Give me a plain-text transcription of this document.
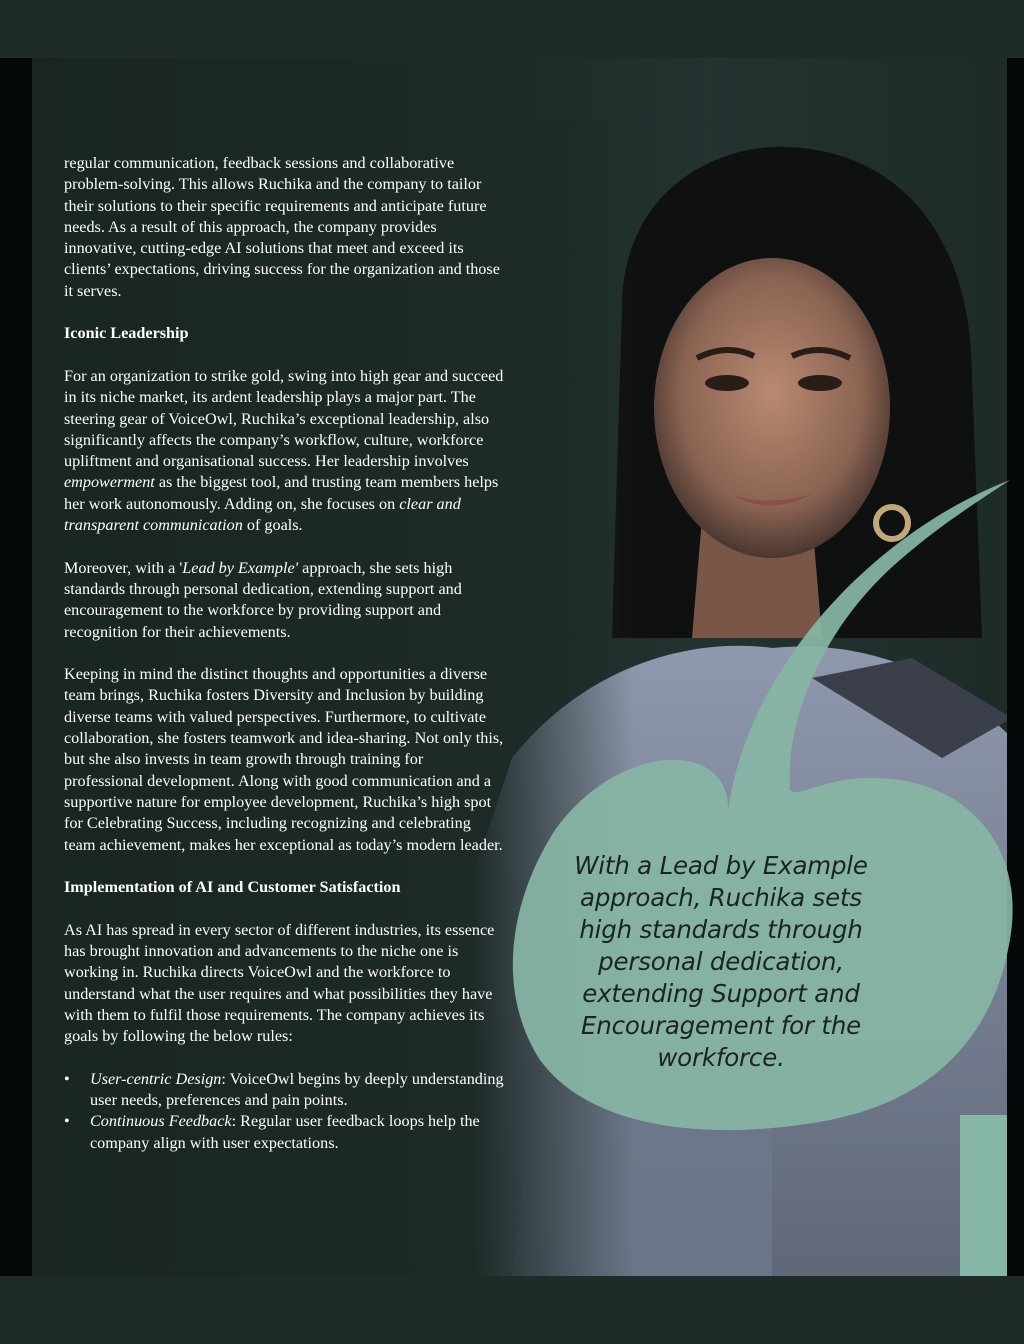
regular communication, feedback sessions and collaborative problem-solving. This allows Ruchika and the company to tailor their solutions to their specific requirements and anticipate future needs. As a result of this approach, the company provides innovative, cutting-edge AI solutions that meet and exceed its clients’ expectations, driving success for the organization and those it serves.

Iconic Leadership

For an organization to strike gold, swing into high gear and succeed in its niche market, its ardent leadership plays a major part. The steering gear of VoiceOwl, Ruchika’s exceptional leadership, also significantly affects the company’s workflow, culture, workforce upliftment and organisational success. Her leadership involves empowerment as the biggest tool, and trusting team members helps her work autonomously. Adding on, she focuses on clear and transparent communication of goals.

Moreover, with a 'Lead by Example' approach, she sets high standards through personal dedication, extending support and encouragement to the workforce by providing support and recognition for their achievements.

Keeping in mind the distinct thoughts and opportunities a diverse team brings, Ruchika fosters Diversity and Inclusion by building diverse teams with valued perspectives. Furthermore, to cultivate collaboration, she fosters teamwork and idea-sharing. Not only this, but she also invests in team growth through training for professional development. Along with good communication and a supportive nature for employee development, Ruchika’s high spot for Celebrating Success, including recognizing and celebrating team achievement, makes her exceptional as today’s modern leader.

Implementation of AI and Customer Satisfaction

As AI has spread in every sector of different industries, its essence has brought innovation and advancements to the niche one is working in. Ruchika directs VoiceOwl and the workforce to understand what the user requires and what possibilities they have with them to fulfil those requirements. The company achieves its goals by following the below rules:

• User-centric Design: VoiceOwl begins by deeply understanding user needs, preferences and pain points.
• Continuous Feedback: Regular user feedback loops help the company align with user expectations.
With a Lead by Example approach, Ruchika sets high standards through personal dedication, extending Support and Encouragement for the workforce.
